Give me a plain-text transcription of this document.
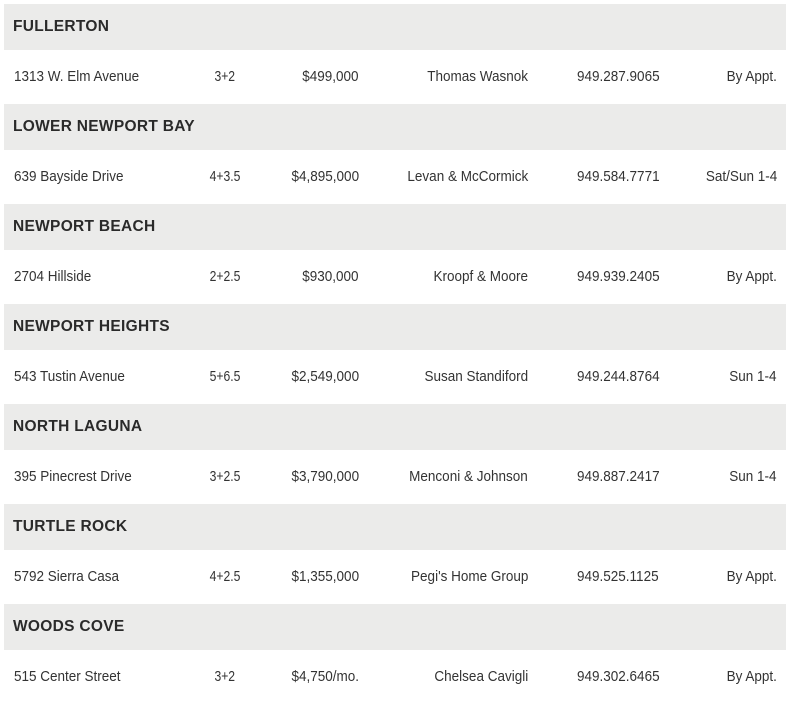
FULLERTON
1313 W. Elm Avenue	3+2	$499,000	Thomas Wasnok	949.287.9065	By Appt.
LOWER NEWPORT BAY
639 Bayside Drive	4+3.5	$4,895,000	Levan & McCormick	949.584.7771	Sat/Sun 1-4
NEWPORT BEACH
2704 Hillside	2+2.5	$930,000	Kroopf & Moore	949.939.2405	By Appt.
NEWPORT HEIGHTS
543 Tustin Avenue	5+6.5	$2,549,000	Susan Standiford	949.244.8764	Sun 1-4
NORTH LAGUNA
395 Pinecrest Drive	3+2.5	$3,790,000	Menconi & Johnson	949.887.2417	Sun 1-4
TURTLE ROCK
5792 Sierra Casa	4+2.5	$1,355,000	Pegi's Home Group	949.525.1125	By Appt.
WOODS COVE
515 Center Street	3+2	$4,750/mo.	Chelsea Cavigli	949.302.6465	By Appt.
